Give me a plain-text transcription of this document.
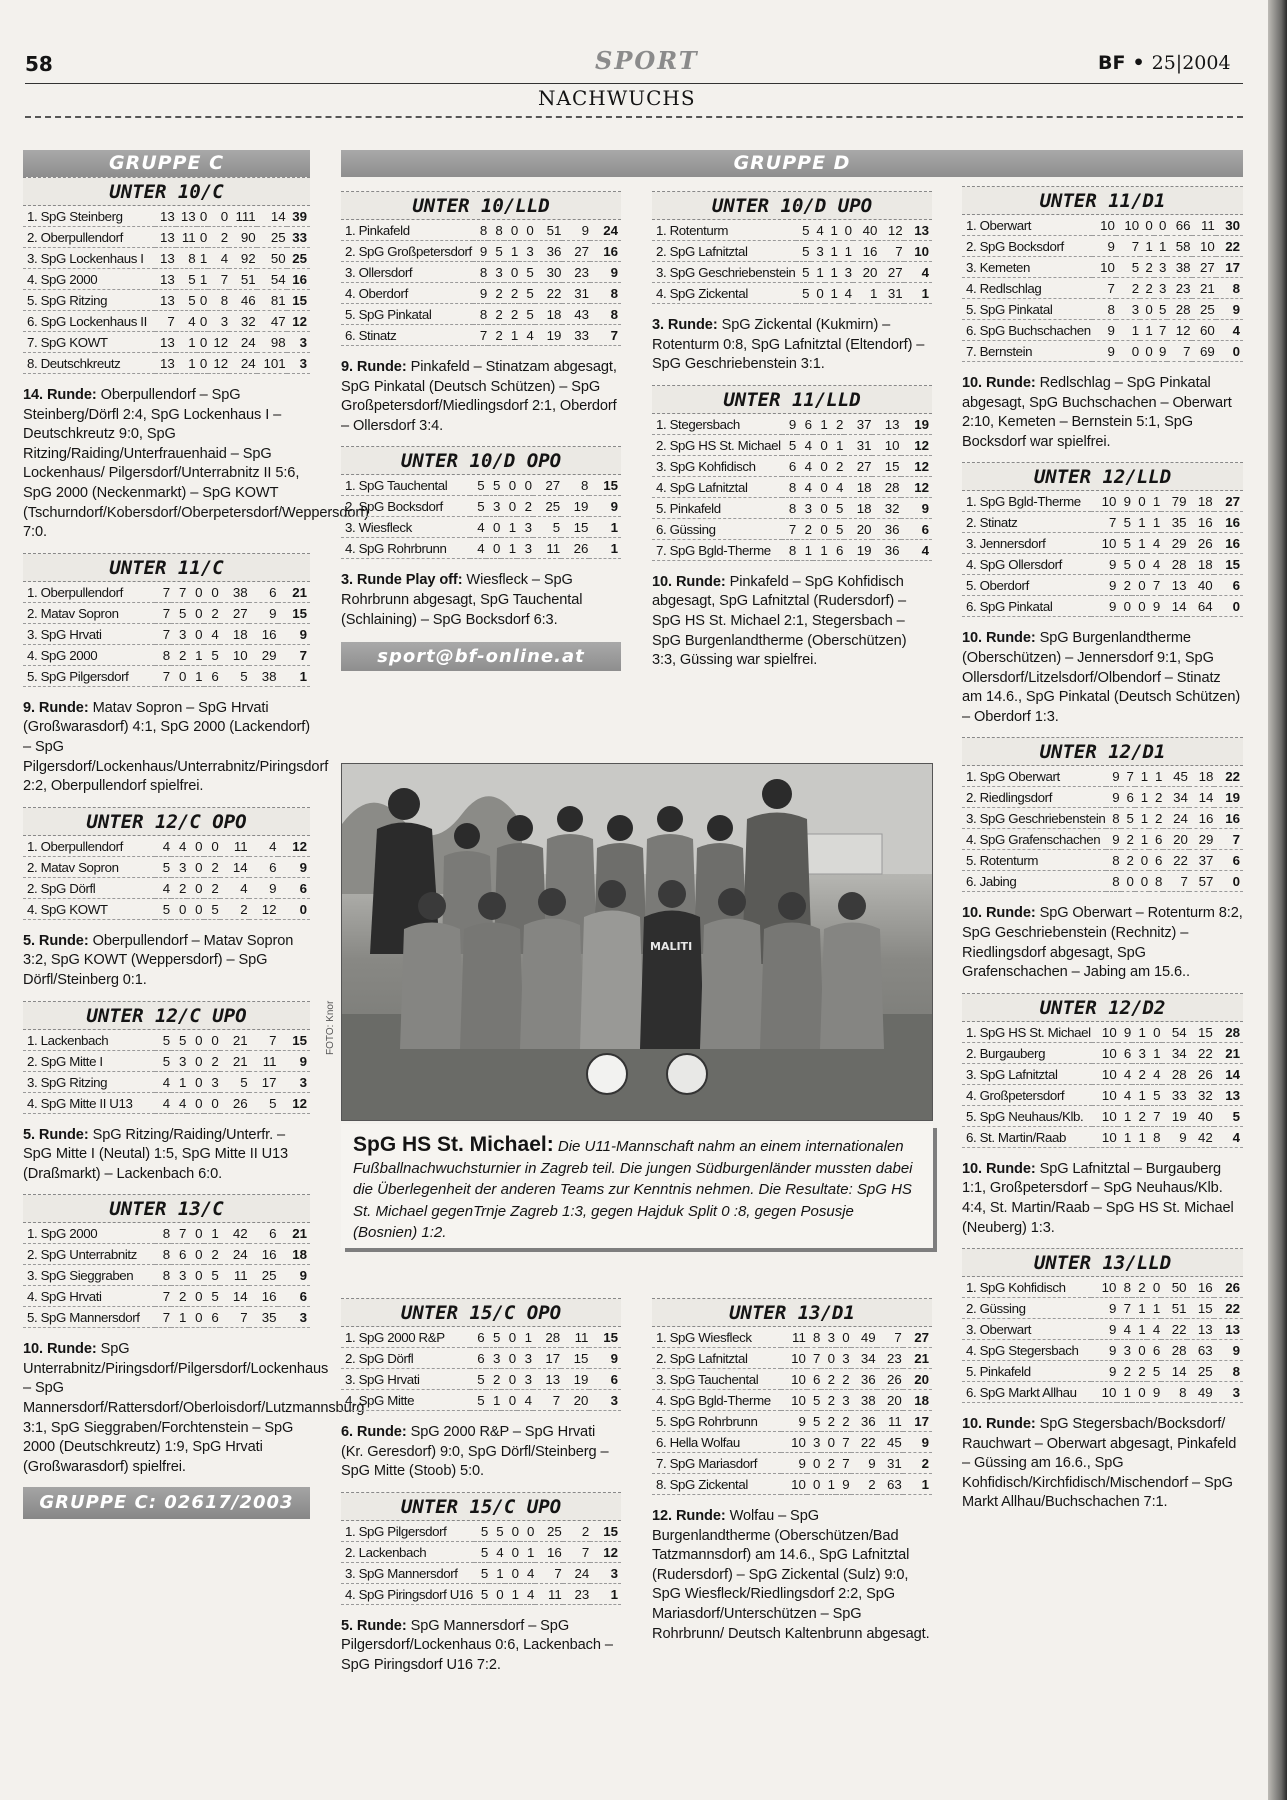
58	SPORT	BF • 25|2004
NACHWUCHS
GRUPPE C
UNTER 10/C
1. SpG Steinberg	13	13	0	0	111	14	39
2. Oberpullendorf	13	11	0	2	90	25	33
3. SpG Lockenhaus I	13	8	1	4	92	50	25
4. SpG 2000	13	5	1	7	51	54	16
5. SpG Ritzing	13	5	0	8	46	81	15
6. SpG Lockenhaus II	7	4	0	3	32	47	12
7. SpG KOWT	13	1	0	12	24	98	3
8. Deutschkreutz	13	1	0	12	24	101	3
14. Runde: Oberpullendorf – SpG Steinberg/Dörfl 2:4, SpG Lockenhaus I – Deutschkreutz 9:0, SpG Ritzing/Raiding/Unterfrauenhaid – SpG Lockenhaus/ Pilgersdorf/Unterrabnitz II 5:6, SpG 2000 (Neckenmarkt) – SpG KOWT (Tschurndorf/Kobersdorf/Oberpetersdorf/Weppersdorf) 7:0.
UNTER 11/C
1. Oberpullendorf	7	7	0	0	38	6	21
2. Matav Sopron	7	5	0	2	27	9	15
3. SpG Hrvati	7	3	0	4	18	16	9
4. SpG 2000	8	2	1	5	10	29	7
5. SpG Pilgersdorf	7	0	1	6	5	38	1
9. Runde: Matav Sopron – SpG Hrvati (Großwarasdorf) 4:1, SpG 2000 (Lackendorf) – SpG Pilgersdorf/Lockenhaus/Unterrabnitz/Piringsdorf 2:2, Oberpullendorf spielfrei.
UNTER 12/C OPO
1. Oberpullendorf	4	4	0	0	11	4	12
2. Matav Sopron	5	3	0	2	14	6	9
2. SpG Dörfl	4	2	0	2	4	9	6
4. SpG KOWT	5	0	0	5	2	12	0
5. Runde: Oberpullendorf – Matav Sopron 3:2, SpG KOWT (Weppersdorf) – SpG Dörfl/Steinberg 0:1.
UNTER 12/C UPO
1. Lackenbach	5	5	0	0	21	7	15
2. SpG Mitte I	5	3	0	2	21	11	9
3. SpG Ritzing	4	1	0	3	5	17	3
4. SpG Mitte II U13	4	4	0	0	26	5	12
5. Runde: SpG Ritzing/Raiding/Unterfr. – SpG Mitte I (Neutal) 1:5, SpG Mitte II U13 (Draßmarkt) – Lackenbach 6:0.
UNTER 13/C
1. SpG 2000	8	7	0	1	42	6	21
2. SpG Unterrabnitz	8	6	0	2	24	16	18
3. SpG Sieggraben	8	3	0	5	11	25	9
4. SpG Hrvati	7	2	0	5	14	16	6
5. SpG Mannersdorf	7	1	0	6	7	35	3
10. Runde: SpG Unterrabnitz/Piringsdorf/Pilgersdorf/Lockenhaus – SpG Mannersdorf/Rattersdorf/Oberloisdorf/Lutzmannsburg 3:1, SpG Sieggraben/Forchtenstein – SpG 2000 (Deutschkreutz) 1:9, SpG Hrvati (Großwarasdorf) spielfrei.
GRUPPE C: 02617/2003
GRUPPE D
UNTER 10/LLD
1. Pinkafeld	8	8	0	0	51	9	24
2. SpG Großpetersdorf	9	5	1	3	36	27	16
3. Ollersdorf	8	3	0	5	30	23	9
4. Oberdorf	9	2	2	5	22	31	8
5. SpG Pinkatal	8	2	2	5	18	43	8
6. Stinatz	7	2	1	4	19	33	7
9. Runde: Pinkafeld – Stinatzam abgesagt, SpG Pinkatal (Deutsch Schützen) – SpG Großpetersdorf/Miedlingsdorf 2:1, Oberdorf – Ollersdorf 3:4.
UNTER 10/D OPO
1. SpG Tauchental	5	5	0	0	27	8	15
2. SpG Bocksdorf	5	3	0	2	25	19	9
3. Wiesfleck	4	0	1	3	5	15	1
4. SpG Rohrbrunn	4	0	1	3	11	26	1
3. Runde Play off: Wiesfleck – SpG Rohrbrunn abgesagt, SpG Tauchental (Schlaining) – SpG Bocksdorf 6:3.
sport@bf-online.at
UNTER 10/D UPO
1. Rotenturm	5	4	1	0	40	12	13
2. SpG Lafnitztal	5	3	1	1	16	7	10
3. SpG Geschriebenstein	5	1	1	3	20	27	4
4. SpG Zickental	5	0	1	4	1	31	1
3. Runde: SpG Zickental (Kukmirn) – Rotenturm 0:8, SpG Lafnitztal (Eltendorf) – SpG Geschriebenstein 3:1.
UNTER 11/LLD
1. Stegersbach	9	6	1	2	37	13	19
2. SpG HS St. Michael	5	4	0	1	31	10	12
3. SpG Kohfidisch	6	4	0	2	27	15	12
4. SpG Lafnitztal	8	4	0	4	18	28	12
5. Pinkafeld	8	3	0	5	18	32	9
6. Güssing	7	2	0	5	20	36	6
7. SpG Bgld-Therme	8	1	1	6	19	36	4
10. Runde: Pinkafeld – SpG Kohfidisch abgesagt, SpG Lafnitztal (Rudersdorf) – SpG HS St. Michael 2:1, Stegersbach – SpG Burgenlandtherme (Oberschützen) 3:3, Güssing war spielfrei.
MALITI
FOTO: Knor
SpG HS St. Michael: Die U11-Mannschaft nahm an einem internationalen Fußballnachwuchsturnier in Zagreb teil. Die jungen Südburgenländer mussten dabei die Überlegenheit der anderen Teams zur Kenntnis nehmen. Die Resultate: SpG HS St. Michael gegenTrnje Zagreb 1:3, gegen Hajduk Split 0 :8, gegen Posusje (Bosnien) 1:2.
UNTER 15/C OPO
1. SpG 2000 R&P	6	5	0	1	28	11	15
2. SpG Dörfl	6	3	0	3	17	15	9
3. SpG Hrvati	5	2	0	3	13	19	6
4. SpG Mitte	5	1	0	4	7	20	3
6. Runde: SpG 2000 R&P – SpG Hrvati (Kr. Geresdorf) 9:0, SpG Dörfl/Steinberg – SpG Mitte (Stoob) 5:0.
UNTER 15/C UPO
1. SpG Pilgersdorf	5	5	0	0	25	2	15
2. Lackenbach	5	4	0	1	16	7	12
3. SpG Mannersdorf	5	1	0	4	7	24	3
4. SpG Piringsdorf U16	5	0	1	4	11	23	1
5. Runde: SpG Mannersdorf – SpG Pilgersdorf/Lockenhaus 0:6, Lackenbach – SpG Piringsdorf U16 7:2.
UNTER 13/D1
1. SpG Wiesfleck	11	8	3	0	49	7	27
2. SpG Lafnitztal	10	7	0	3	34	23	21
3. SpG Tauchental	10	6	2	2	36	26	20
4. SpG Bgld-Therme	10	5	2	3	38	20	18
5. SpG Rohrbrunn	9	5	2	2	36	11	17
6. Hella Wolfau	10	3	0	7	22	45	9
7. SpG Mariasdorf	9	0	2	7	9	31	2
8. SpG Zickental	10	0	1	9	2	63	1
12. Runde: Wolfau – SpG Burgenlandtherme (Oberschützen/Bad Tatzmannsdorf) am 14.6., SpG Lafnitztal (Rudersdorf) – SpG Zickental (Sulz) 9:0, SpG Wiesfleck/Riedlingsdorf 2:2, SpG Mariasdorf/Unterschützen – SpG Rohrbrunn/ Deutsch Kaltenbrunn abgesagt.
UNTER 11/D1
1. Oberwart	10	10	0	0	66	11	30
2. SpG Bocksdorf	9	7	1	1	58	10	22
3. Kemeten	10	5	2	3	38	27	17
4. Redlschlag	7	2	2	3	23	21	8
5. SpG Pinkatal	8	3	0	5	28	25	9
6. SpG Buchschachen	9	1	1	7	12	60	4
7. Bernstein	9	0	0	9	7	69	0
10. Runde: Redlschlag – SpG Pinkatal abgesagt, SpG Buchschachen – Oberwart 2:10, Kemeten – Bernstein 5:1, SpG Bocksdorf war spielfrei.
UNTER 12/LLD
1. SpG Bgld-Therme	10	9	0	1	79	18	27
2. Stinatz	7	5	1	1	35	16	16
3. Jennersdorf	10	5	1	4	29	26	16
4. SpG Ollersdorf	9	5	0	4	28	18	15
5. Oberdorf	9	2	0	7	13	40	6
6. SpG Pinkatal	9	0	0	9	14	64	0
10. Runde: SpG Burgenlandtherme (Oberschützen) – Jennersdorf 9:1, SpG Ollersdorf/Litzelsdorf/Olbendorf – Stinatz am 14.6., SpG Pinkatal (Deutsch Schützen) – Oberdorf 1:3.
UNTER 12/D1
1. SpG Oberwart	9	7	1	1	45	18	22
2. Riedlingsdorf	9	6	1	2	34	14	19
3. SpG Geschriebenstein	8	5	1	2	24	16	16
4. SpG Grafenschachen	9	2	1	6	20	29	7
5. Rotenturm	8	2	0	6	22	37	6
6. Jabing	8	0	0	8	7	57	0
10. Runde: SpG Oberwart – Rotenturm 8:2, SpG Geschriebenstein (Rechnitz) – Riedlingsdorf abgesagt, SpG Grafenschachen – Jabing am 15.6..
UNTER 12/D2
1. SpG HS St. Michael	10	9	1	0	54	15	28
2. Burgauberg	10	6	3	1	34	22	21
3. SpG Lafnitztal	10	4	2	4	28	26	14
4. Großpetersdorf	10	4	1	5	33	32	13
5. SpG Neuhaus/Klb.	10	1	2	7	19	40	5
6. St. Martin/Raab	10	1	1	8	9	42	4
10. Runde: SpG Lafnitztal – Burgauberg 1:1, Großpetersdorf – SpG Neuhaus/Klb. 4:4, St. Martin/Raab – SpG HS St. Michael (Neuberg) 1:3.
UNTER 13/LLD
1. SpG Kohfidisch	10	8	2	0	50	16	26
2. Güssing	9	7	1	1	51	15	22
3. Oberwart	9	4	1	4	22	13	13
4. SpG Stegersbach	9	3	0	6	28	63	9
5. Pinkafeld	9	2	2	5	14	25	8
6. SpG Markt Allhau	10	1	0	9	8	49	3
10. Runde: SpG Stegersbach/Bocksdorf/ Rauchwart – Oberwart abgesagt, Pinkafeld – Güssing am 16.6., SpG Kohfidisch/Kirchfidisch/Mischendorf – SpG Markt Allhau/Buchschachen 7:1.
